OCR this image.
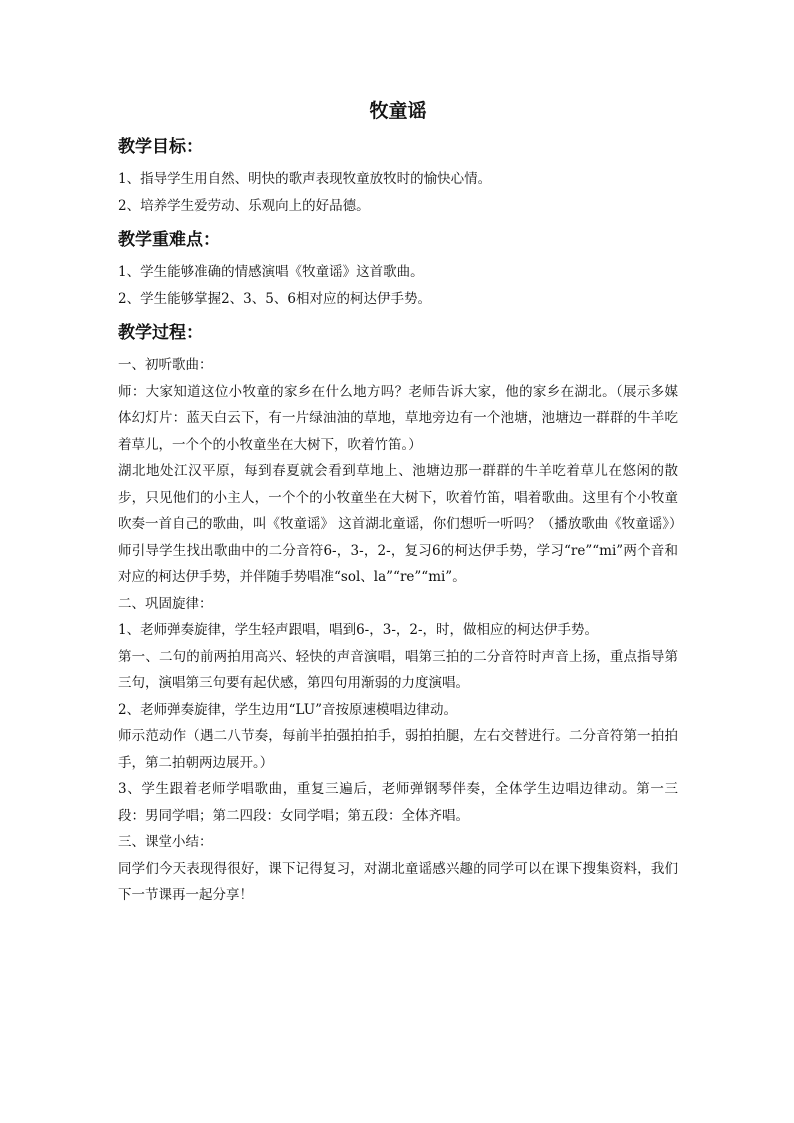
牧童谣
教学目标：

1、指导学生用自然、明快的歌声表现牧童放牧时的愉快心情。

2、培养学生爱劳动、乐观向上的好品德。

教学重难点：

1、学生能够准确的情感演唱《牧童谣》这首歌曲。

2、学生能够掌握2、3、5、6相对应的柯达伊手势。

教学过程：

一、初听歌曲：

师：大家知道这位小牧童的家乡在什么地方吗？老师告诉大家，他的家乡在湖北。（展示多媒体幻灯片：蓝天白云下，有一片绿油油的草地，草地旁边有一个池塘，池塘边一群群的牛羊吃着草儿，一个个的小牧童坐在大树下，吹着竹笛。）

湖北地处江汉平原，每到春夏就会看到草地上、池塘边那一群群的牛羊吃着草儿在悠闲的散步，只见他们的小主人，一个个的小牧童坐在大树下，吹着竹笛，唱着歌曲。这里有个小牧童吹奏一首自己的歌曲，叫《牧童谣》 这首湖北童谣，你们想听一听吗？（播放歌曲《牧童谣》）

师引导学生找出歌曲中的二分音符6-，3-，2-，复习6的柯达伊手势，学习“re”“mi”两个音和对应的柯达伊手势，并伴随手势唱准“sol、la”“re”“mi”。

二、巩固旋律：

1、老师弹奏旋律，学生轻声跟唱，唱到6-，3-，2-，时，做相应的柯达伊手势。

第一、二句的前两拍用高兴、轻快的声音演唱，唱第三拍的二分音符时声音上扬，重点指导第三句，演唱第三句要有起伏感，第四句用渐弱的力度演唱。

2、老师弹奏旋律，学生边用“LU”音按原速模唱边律动。

师示范动作（遇二八节奏，每前半拍强拍拍手，弱拍拍腿，左右交替进行。二分音符第一拍拍手，第二拍朝两边展开。）

3、学生跟着老师学唱歌曲，重复三遍后，老师弹钢琴伴奏，全体学生边唱边律动。第一三段：男同学唱；第二四段：女同学唱；第五段：全体齐唱。

三、课堂小结：

同学们今天表现得很好，课下记得复习，对湖北童谣感兴趣的同学可以在课下搜集资料，我们下一节课再一起分享！
